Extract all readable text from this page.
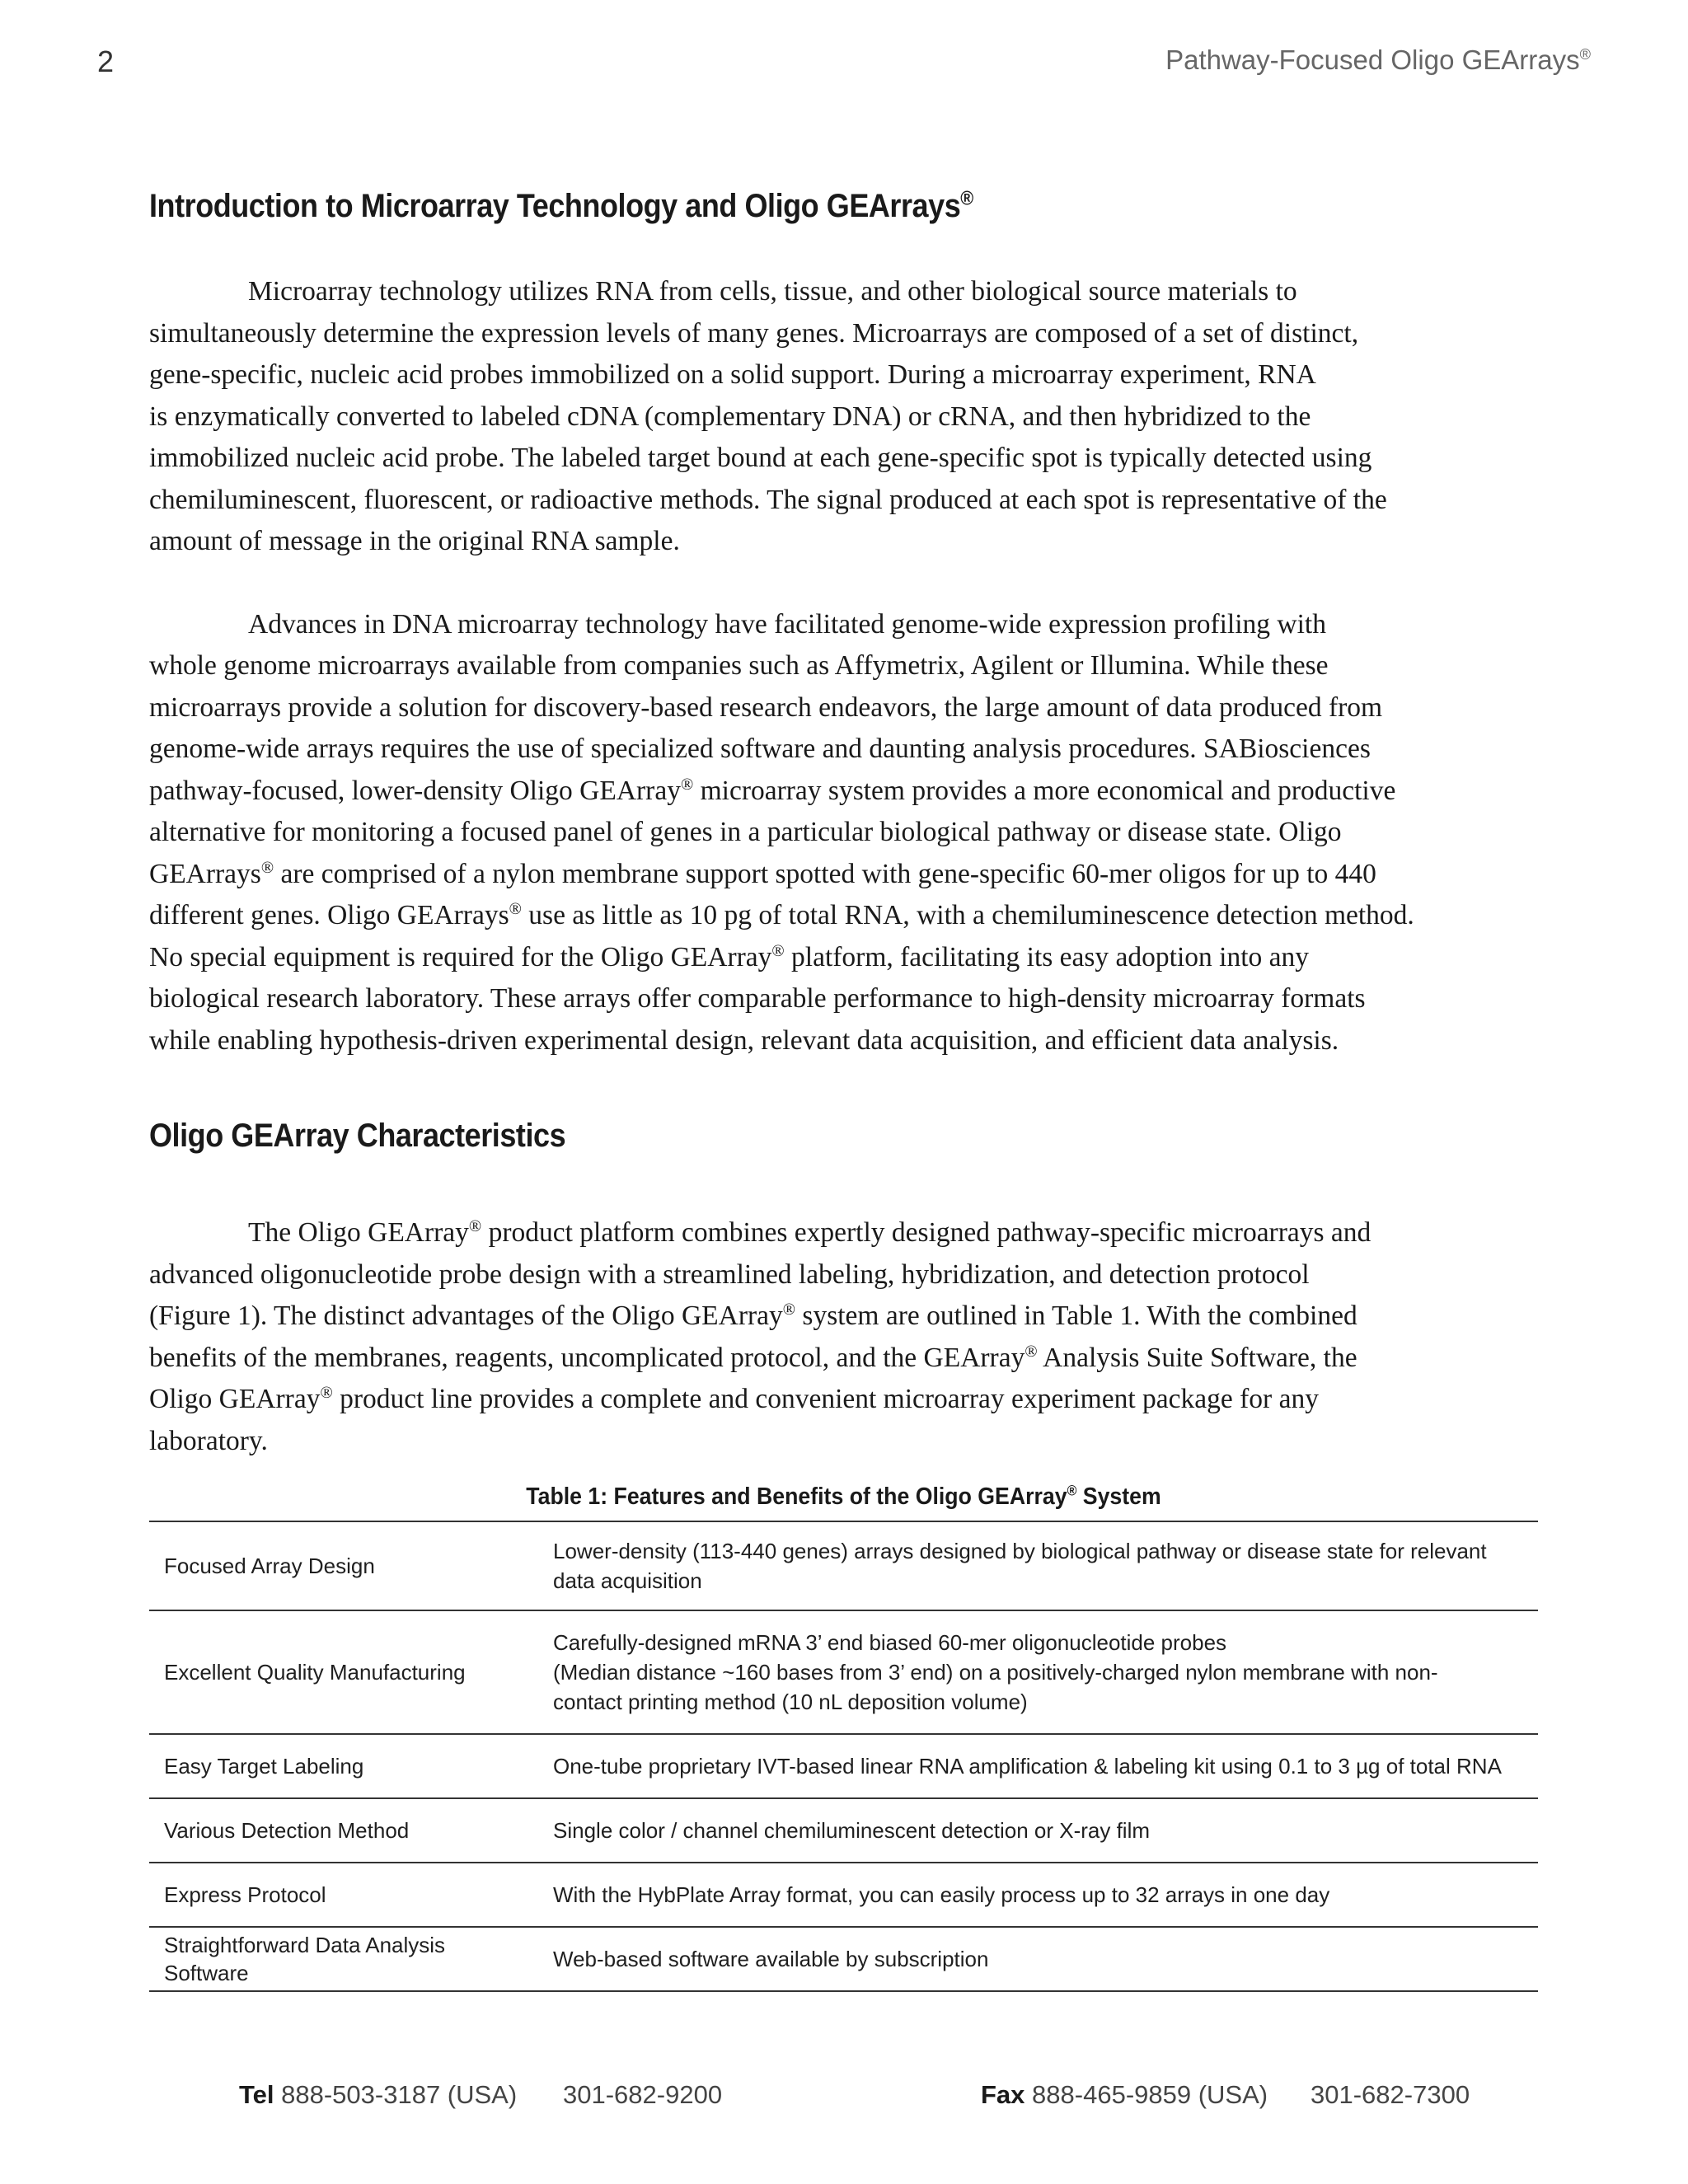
2	Pathway-Focused Oligo GEArrays®
Introduction to Microarray Technology and Oligo GEArrays®
Microarray technology utilizes RNA from cells, tissue, and other biological source materials to
simultaneously determine the expression levels of many genes. Microarrays are composed of a set of distinct,
gene-specific, nucleic acid probes immobilized on a solid support. During a microarray experiment, RNA
is enzymatically converted to labeled cDNA (complementary DNA) or cRNA, and then hybridized to the
immobilized nucleic acid probe. The labeled target bound at each gene-specific spot is typically detected using
chemiluminescent, fluorescent, or radioactive methods. The signal produced at each spot is representative of the
amount of message in the original RNA sample.
Advances in DNA microarray technology have facilitated genome-wide expression profiling with
whole genome microarrays available from companies such as Affymetrix, Agilent or Illumina. While these
microarrays provide a solution for discovery-based research endeavors, the large amount of data produced from
genome-wide arrays requires the use of specialized software and daunting analysis procedures. SABiosciences
pathway-focused, lower-density Oligo GEArray® microarray system provides a more economical and productive
alternative for monitoring a focused panel of genes in a particular biological pathway or disease state. Oligo
GEArrays® are comprised of a nylon membrane support spotted with gene-specific 60-mer oligos for up to 440
different genes. Oligo GEArrays® use as little as 10 pg of total RNA, with a chemiluminescence detection method.
No special equipment is required for the Oligo GEArray® platform, facilitating its easy adoption into any
biological research laboratory. These arrays offer comparable performance to high-density microarray formats
while enabling hypothesis-driven experimental design, relevant data acquisition, and efficient data analysis.
Oligo GEArray Characteristics
The Oligo GEArray® product platform combines expertly designed pathway-specific microarrays and
advanced oligonucleotide probe design with a streamlined labeling, hybridization, and detection protocol
(Figure 1). The distinct advantages of the Oligo GEArray® system are outlined in Table 1. With the combined
benefits of the membranes, reagents, uncomplicated protocol, and the GEArray® Analysis Suite Software, the
Oligo GEArray® product line provides a complete and convenient microarray experiment package for any
laboratory.
Table 1: Features and Benefits of the Oligo GEArray® System
Focused Array Design	Lower-density (113-440 genes) arrays designed by biological pathway or disease state for relevant
data acquisition

Excellent Quality Manufacturing	Carefully-designed mRNA 3’ end biased 60-mer oligonucleotide probes
(Median distance ~160 bases from 3’ end) on a positively-charged nylon membrane with non-
contact printing method (10 nL deposition volume)

Easy Target Labeling	One-tube proprietary IVT-based linear RNA amplification & labeling kit using 0.1 to 3 µg of total RNA

Various Detection Method	Single color / channel chemiluminescent detection or X-ray film

Express Protocol	With the HybPlate Array format, you can easily process up to 32 arrays in one day

Straightforward Data Analysis Software	Web-based software available by subscription
Tel 888-503-3187 (USA) 301-682-9200	Fax 888-465-9859 (USA) 301-682-7300
